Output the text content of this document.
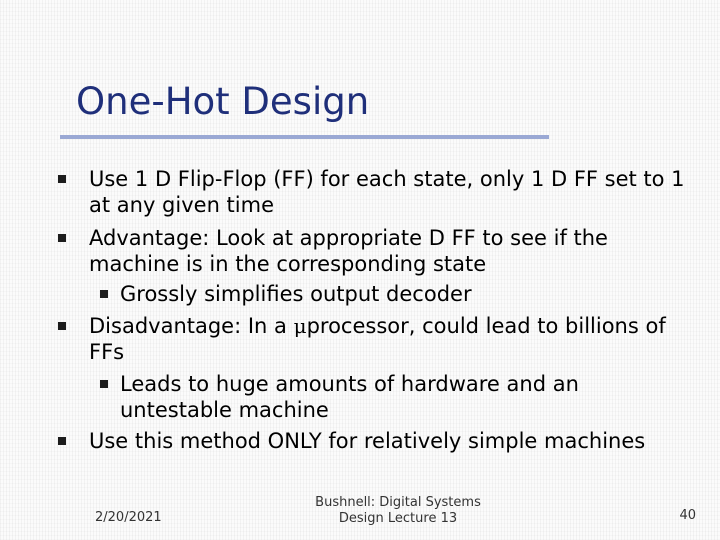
One-Hot Design
Use 1 D Flip-Flop (FF) for each state, only 1 D FF set to 1 at any given time
Advantage: Look at appropriate D FF to see if the machine is in the corresponding state
Grossly simplifies output decoder
Disadvantage: In a μprocessor, could lead to billions of FFs
Leads to huge amounts of hardware and an untestable machine
Use this method ONLY for relatively simple machines
2/20/2021
Bushnell: Digital Systems
Design Lecture 13	40
